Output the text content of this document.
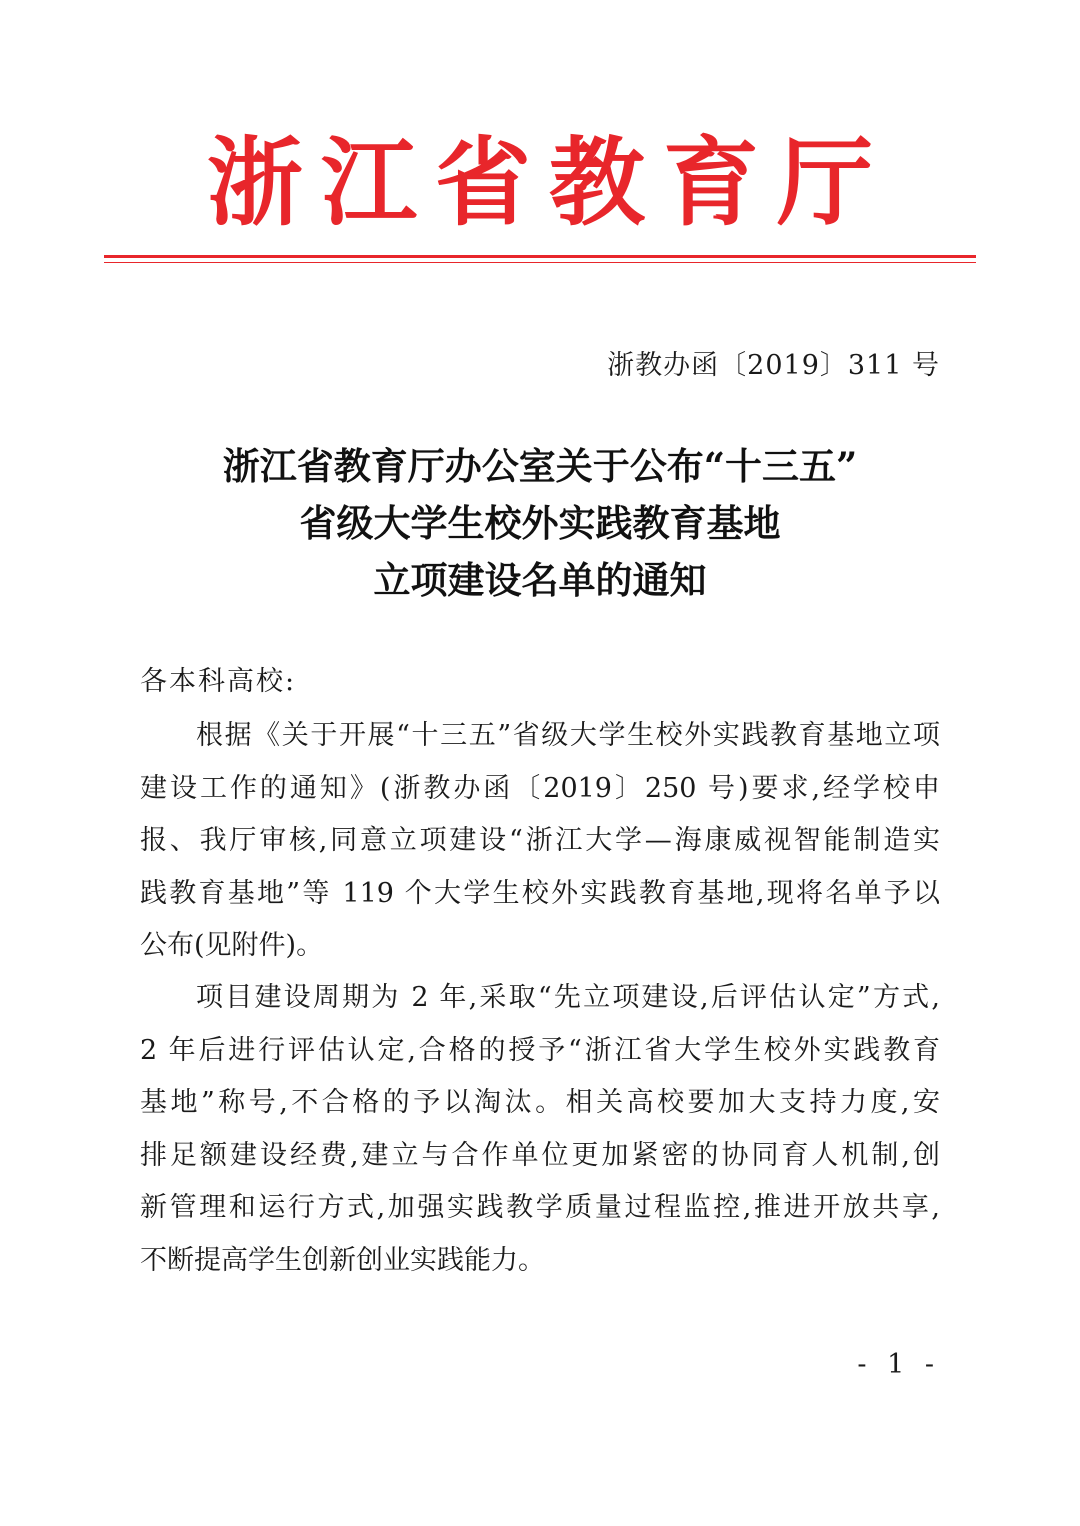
浙江省教育厅
浙教办函〔2019〕311 号
浙江省教育厅办公室关于公布“十三五”
省级大学生校外实践教育基地
立项建设名单的通知
各本科高校:
根据《关于开展“十三五”省级大学生校外实践教育基地立项
建设工作的通知》(浙教办函〔2019〕250 号)要求,经学校申
报、我厅审核,同意立项建设“浙江大学—海康威视智能制造实
践教育基地”等 119 个大学生校外实践教育基地,现将名单予以
公布(见附件)。
项目建设周期为 2 年,采取“先立项建设,后评估认定”方式,
2 年后进行评估认定,合格的授予“浙江省大学生校外实践教育
基地”称号,不合格的予以淘汰。相关高校要加大支持力度,安
排足额建设经费,建立与合作单位更加紧密的协同育人机制,创
新管理和运行方式,加强实践教学质量过程监控,推进开放共享,
不断提高学生创新创业实践能力。
- 1 -
